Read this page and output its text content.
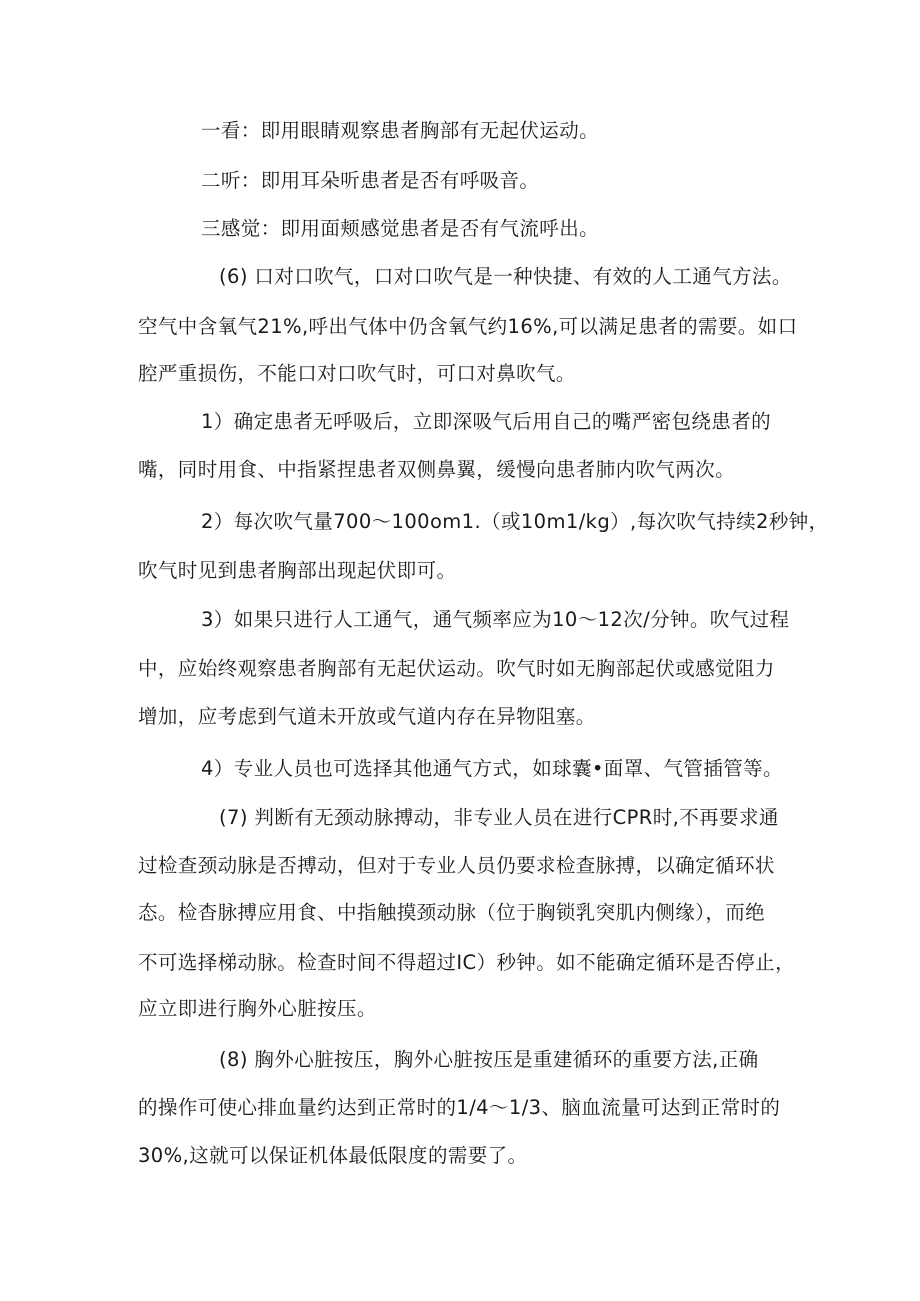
一看：即用眼睛观察患者胸部有无起伏运动。

二听：即用耳朵听患者是否有呼吸音。

三感觉：即用面颊感觉患者是否有气流呼出。

(6) 口对口吹气，口对口吹气是一种快捷、有效的人工通气方法。

空气中含氧气21%,呼出气体中仍含氧气约16%,可以满足患者的需要。如口

腔严重损伤，不能口对口吹气时，可口对鼻吹气。

1）确定患者无呼吸后，立即深吸气后用自己的嘴严密包绕患者的

嘴，同时用食、中指紧捏患者双侧鼻翼，缓慢向患者肺内吹气两次。

2）每次吹气量700〜100om1.（或10m1/kg）,每次吹气持续2秒钟，

吹气时见到患者胸部出现起伏即可。

3）如果只进行人工通气，通气频率应为10〜12次/分钟。吹气过程

中，应始终观察患者胸部有无起伏运动。吹气时如无胸部起伏或感觉阻力

增加，应考虑到气道未开放或气道内存在异物阻塞。

4）专业人员也可选择其他通气方式，如球囊•面罩、气管插管等。

(7) 判断有无颈动脉搏动，非专业人员在进行CPR时,不再要求通

过检查颈动脉是否搏动，但对于专业人员仍要求检查脉搏，以确定循环状

态。检杳脉搏应用食、中指触摸颈动脉（位于胸锁乳突肌内侧缘），而绝

不可选择梯动脉。检查时间不得超过IC）秒钟。如不能确定循环是否停止，

应立即进行胸外心脏按压。

(8) 胸外心脏按压，胸外心脏按压是重建循环的重要方法,正确

的操作可使心排血量约达到正常时的1/4〜1/3、脑血流量可达到正常时的

30%,这就可以保证机体最低限度的需要了。
